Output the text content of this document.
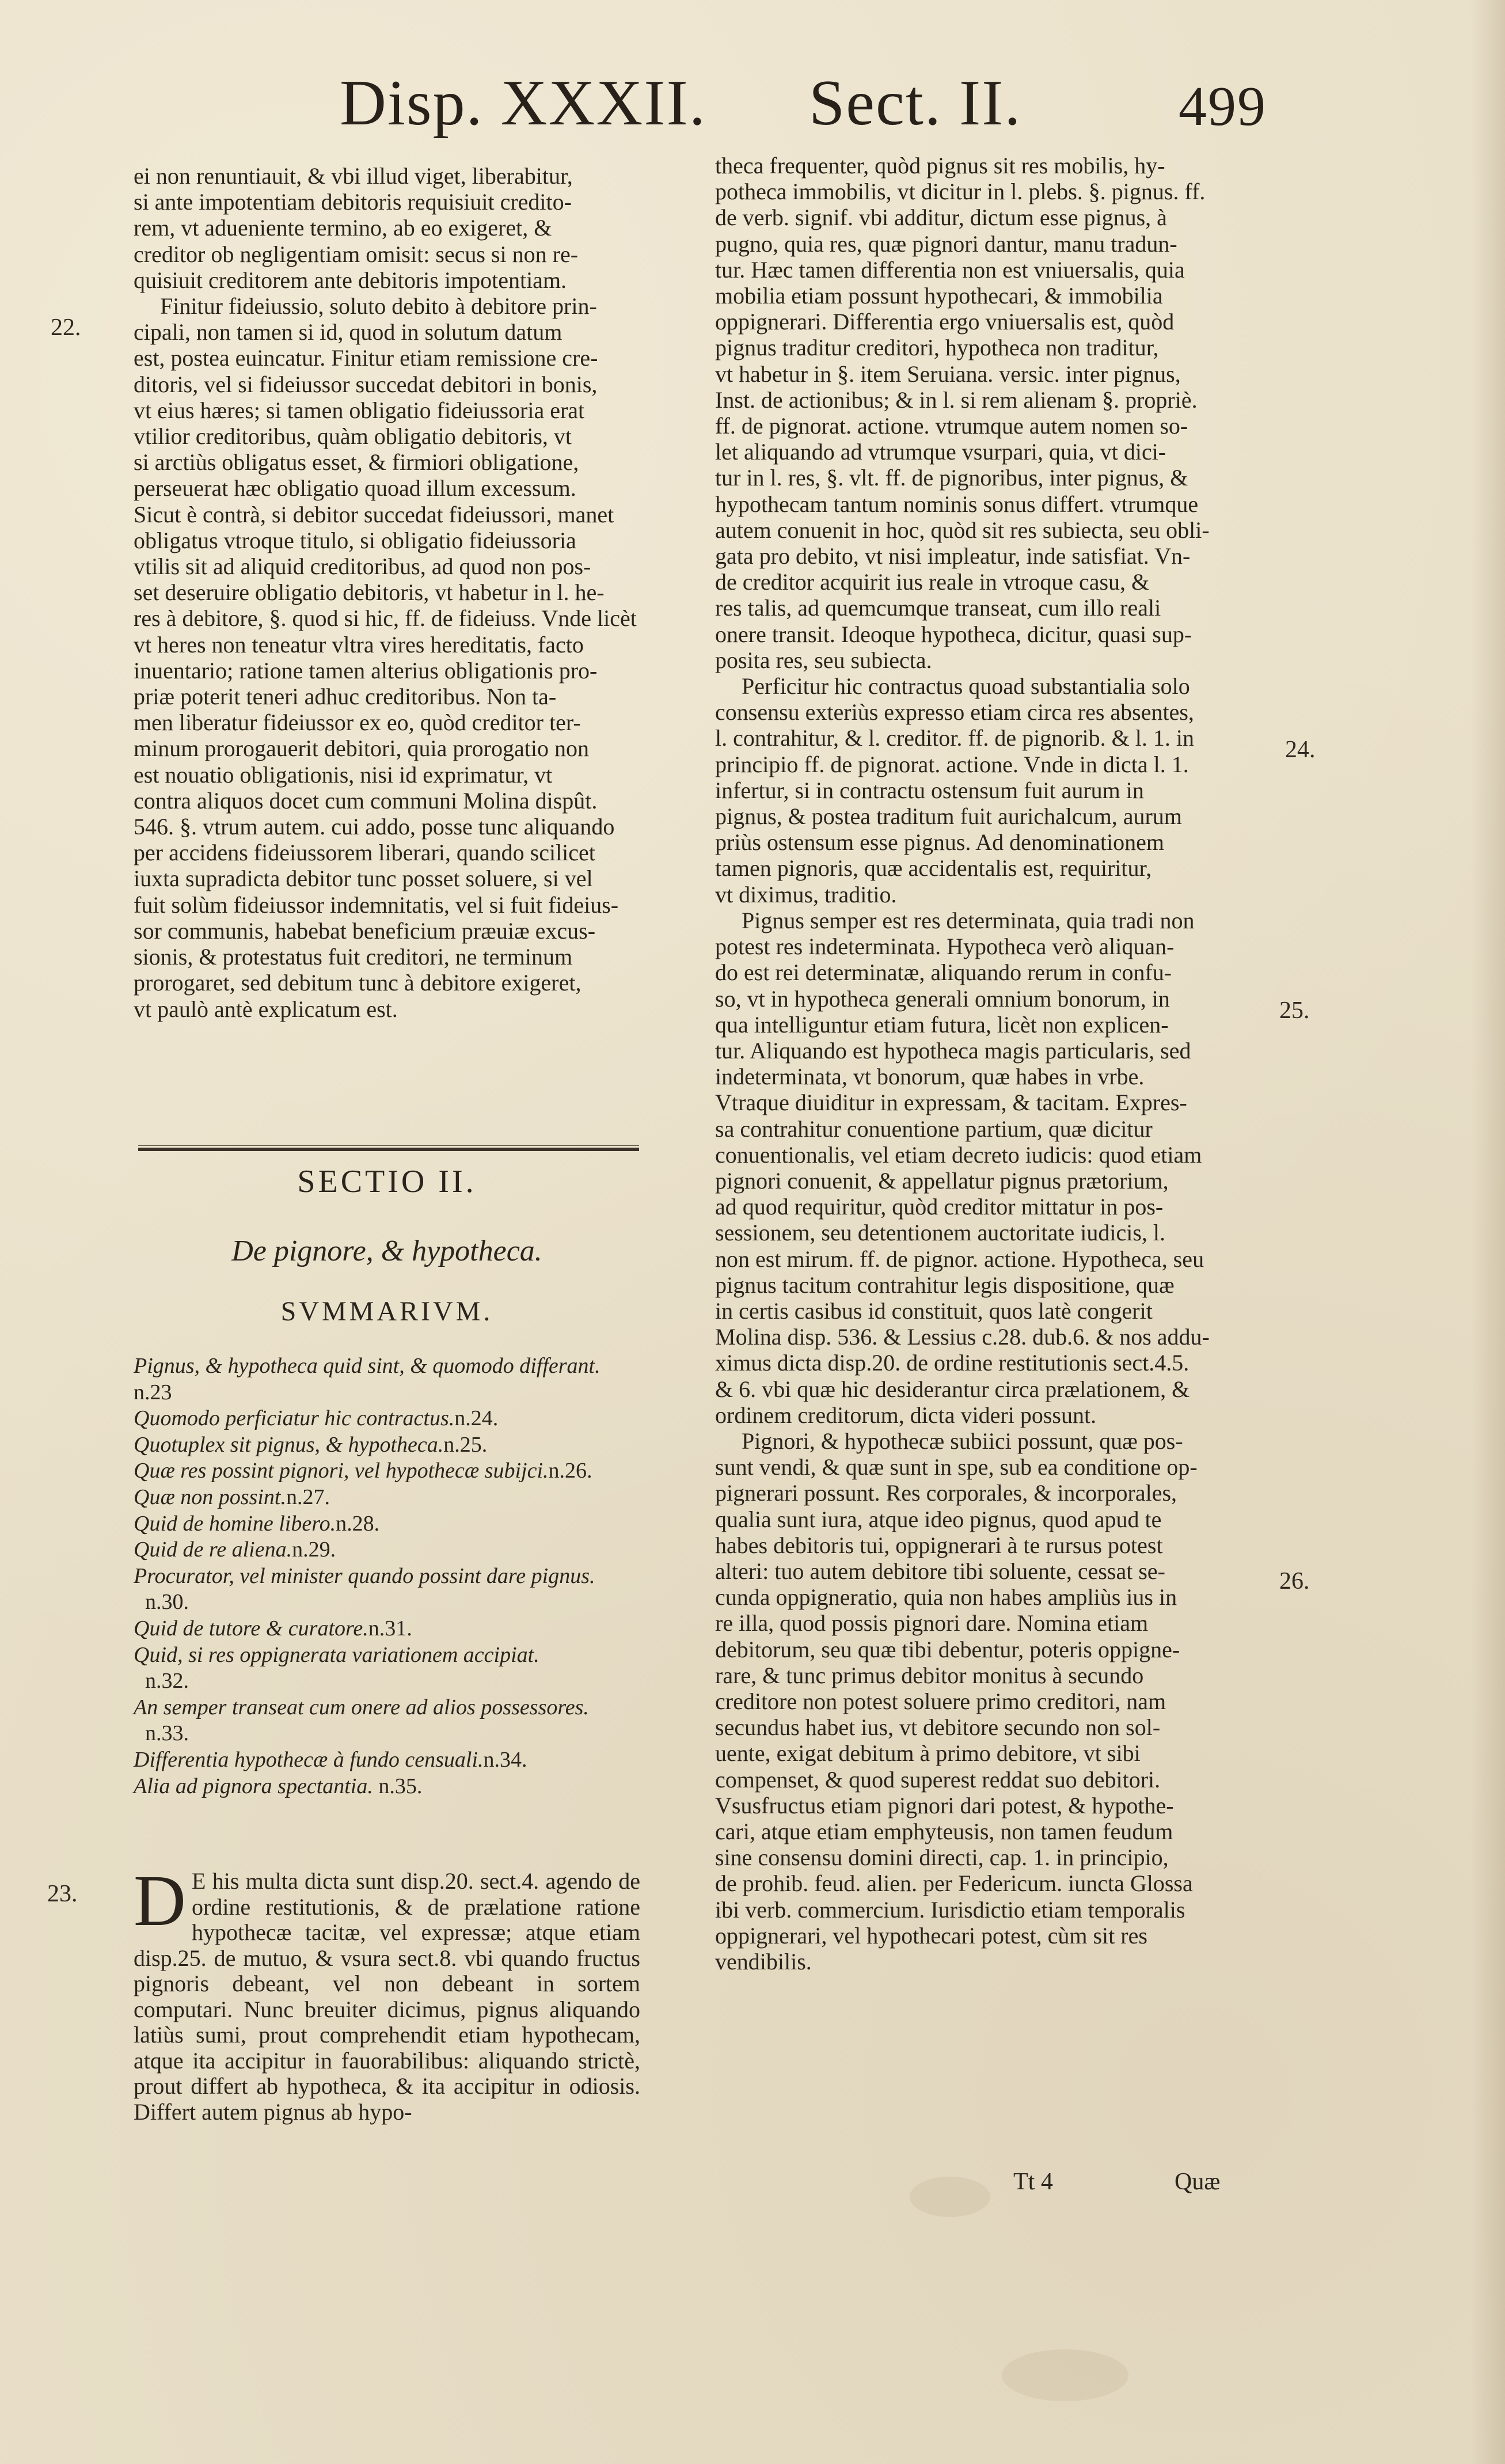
Disp. XXXII. Sect. II.	499
22.
23.
24.
25.
26.

ei non renuntiauit, & vbi illud viget, liberabitur,

si ante impotentiam debitoris requisiuit credito-

rem, vt adueniente termino, ab eo exigeret, &

creditor ob negligentiam omisit: secus si non re-

quisiuit creditorem ante debitoris impotentiam.

Finitur fideiussio, soluto debito à debitore prin-

cipali, non tamen si id, quod in solutum datum

est, postea euincatur. Finitur etiam remissione cre-

ditoris, vel si fideiussor succedat debitori in bonis,

vt eius hæres; si tamen obligatio fideiussoria erat

vtilior creditoribus, quàm obligatio debitoris, vt

si arctiùs obligatus esset, & firmiori obligatione,

perseuerat hæc obligatio quoad illum excessum.

Sicut è contrà, si debitor succedat fideiussori, manet

obligatus vtroque titulo, si obligatio fideiussoria

vtilis sit ad aliquid creditoribus, ad quod non pos-

set deseruire obligatio debitoris, vt habetur in l. he-

res à debitore, §. quod si hic, ff. de fideiuss. Vnde licèt

vt heres non teneatur vltra vires hereditatis, facto

inuentario; ratione tamen alterius obligationis pro-

priæ poterit teneri adhuc creditoribus. Non ta-

men liberatur fideiussor ex eo, quòd creditor ter-

minum prorogauerit debitori, quia prorogatio non

est nouatio obligationis, nisi id exprimatur, vt

contra aliquos docet cum communi Molina dispût.

546. §. vtrum autem. cui addo, posse tunc aliquando

per accidens fideiussorem liberari, quando scilicet

iuxta supradicta debitor tunc posset soluere, si vel

fuit solùm fideiussor indemnitatis, vel si fuit fideius-

sor communis, habebat beneficium præuiæ excus-

sionis, & protestatus fuit creditori, ne terminum

prorogaret, sed debitum tunc à debitore exigeret,

vt paulò antè explicatum est.

SECTIO II.
De pignore, & hypotheca.
SVMMARIVM.
Pignus, & hypotheca quid sint, & quomodo differant.
n.23
Quomodo perficiatur hic contractus.n.24.
Quotuplex sit pignus, & hypotheca.n.25.
Quæ res possint pignori, vel hypothecæ subijci.n.26.
Quæ non possint.n.27.
Quid de homine libero.n.28.
Quid de re aliena.n.29.
Procurator, vel minister quando possint dare pignus.
n.30.
Quid de tutore & curatore.n.31.
Quid, si res oppignerata variationem accipiat.
n.32.
An semper transeat cum onere ad alios possessores.
n.33.
Differentia hypothecæ à fundo censuali.n.34.
Alia ad pignora spectantia. n.35.
D E his multa dicta sunt disp.20. sect.4. agendo de ordine restitutionis, & de prælatione ratione hypothecæ tacitæ, vel expressæ; atque etiam disp.25. de mutuo, & vsura sect.8. vbi quando fructus pignoris debeant, vel non debeant in sortem computari. Nunc breuiter dicimus, pignus aliquando latiùs sumi, prout comprehendit etiam hypothecam, atque ita accipitur in fauorabilibus: aliquando strictè, prout differt ab hypotheca, & ita accipitur in odiosis. Differt autem pignus ab hypo-

theca frequenter, quòd pignus sit res mobilis, hy-

potheca immobilis, vt dicitur in l. plebs. §. pignus. ff.

de verb. signif. vbi additur, dictum esse pignus, à

pugno, quia res, quæ pignori dantur, manu tradun-

tur. Hæc tamen differentia non est vniuersalis, quia

mobilia etiam possunt hypothecari, & immobilia

oppignerari. Differentia ergo vniuersalis est, quòd

pignus traditur creditori, hypotheca non traditur,

vt habetur in §. item Seruiana. versic. inter pignus,

Inst. de actionibus; & in l. si rem alienam §. propriè.

ff. de pignorat. actione. vtrumque autem nomen so-

let aliquando ad vtrumque vsurpari, quia, vt dici-

tur in l. res, §. vlt. ff. de pignoribus, inter pignus, &

hypothecam tantum nominis sonus differt. vtrumque

autem conuenit in hoc, quòd sit res subiecta, seu obli-

gata pro debito, vt nisi impleatur, inde satisfiat. Vn-

de creditor acquirit ius reale in vtroque casu, &

res talis, ad quemcumque transeat, cum illo reali

onere transit. Ideoque hypotheca, dicitur, quasi sup-

posita res, seu subiecta.

Perficitur hic contractus quoad substantialia solo

consensu exteriùs expresso etiam circa res absentes,

l. contrahitur, & l. creditor. ff. de pignorib. & l. 1. in

principio ff. de pignorat. actione. Vnde in dicta l. 1.

infertur, si in contractu ostensum fuit aurum in

pignus, & postea traditum fuit aurichalcum, aurum

priùs ostensum esse pignus. Ad denominationem

tamen pignoris, quæ accidentalis est, requiritur,

vt diximus, traditio.

Pignus semper est res determinata, quia tradi non

potest res indeterminata. Hypotheca verò aliquan-

do est rei determinatæ, aliquando rerum in confu-

so, vt in hypotheca generali omnium bonorum, in

qua intelliguntur etiam futura, licèt non explicen-

tur. Aliquando est hypotheca magis particularis, sed

indeterminata, vt bonorum, quæ habes in vrbe.

Vtraque diuiditur in expressam, & tacitam. Expres-

sa contrahitur conuentione partium, quæ dicitur

conuentionalis, vel etiam decreto iudicis: quod etiam

pignori conuenit, & appellatur pignus prætorium,

ad quod requiritur, quòd creditor mittatur in pos-

sessionem, seu detentionem auctoritate iudicis, l.

non est mirum. ff. de pignor. actione. Hypotheca, seu

pignus tacitum contrahitur legis dispositione, quæ

in certis casibus id constituit, quos latè congerit

Molina disp. 536. & Lessius c.28. dub.6. & nos addu-

ximus dicta disp.20. de ordine restitutionis sect.4.5.

& 6. vbi quæ hic desiderantur circa prælationem, &

ordinem creditorum, dicta videri possunt.

Pignori, & hypothecæ subiici possunt, quæ pos-

sunt vendi, & quæ sunt in spe, sub ea conditione op-

pignerari possunt. Res corporales, & incorporales,

qualia sunt iura, atque ideo pignus, quod apud te

habes debitoris tui, oppignerari à te rursus potest

alteri: tuo autem debitore tibi soluente, cessat se-

cunda oppigneratio, quia non habes ampliùs ius in

re illa, quod possis pignori dare. Nomina etiam

debitorum, seu quæ tibi debentur, poteris oppigne-

rare, & tunc primus debitor monitus à secundo

creditore non potest soluere primo creditori, nam

secundus habet ius, vt debitore secundo non sol-

uente, exigat debitum à primo debitore, vt sibi

compenset, & quod superest reddat suo debitori.

Vsusfructus etiam pignori dari potest, & hypothe-

cari, atque etiam emphyteusis, non tamen feudum

sine consensu domini directi, cap. 1. in principio,

de prohib. feud. alien. per Federicum. iuncta Glossa

ibi verb. commercium. Iurisdictio etiam temporalis

oppignerari, vel hypothecari potest, cùm sit res

vendibilis.

Tt 4	Quæ
